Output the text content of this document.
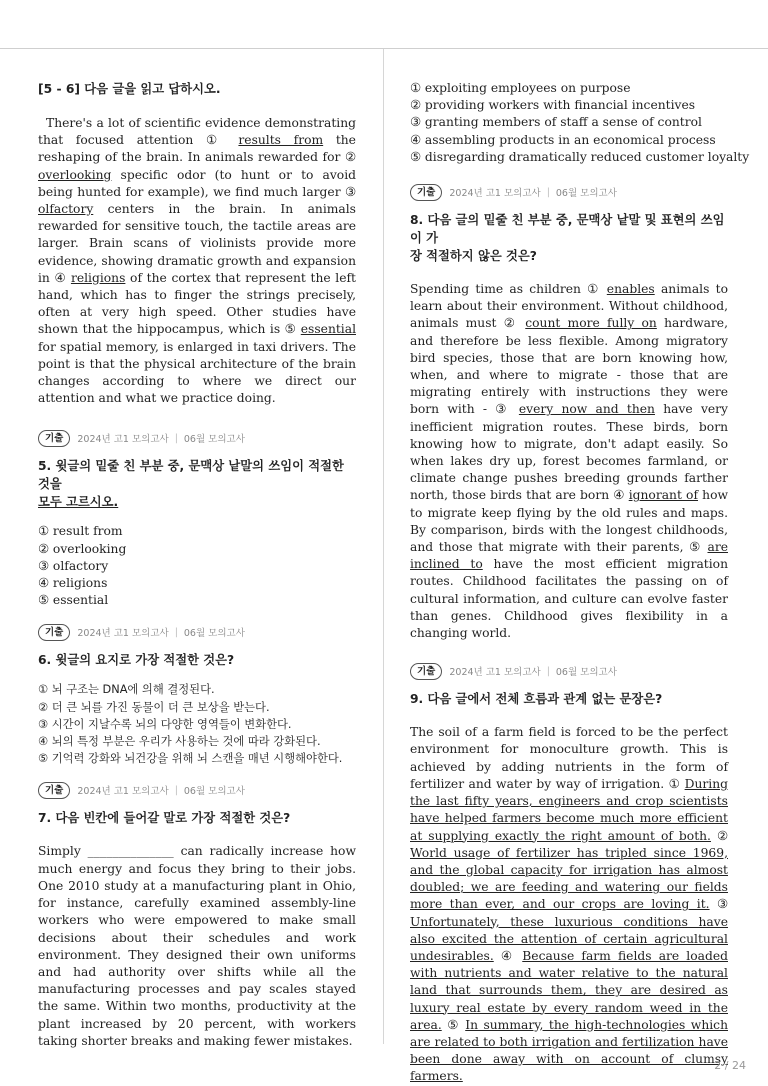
[5 - 6] 다음 글을 읽고 답하시오.
There's a lot of scientific evidence demonstrating that focused attention ① results from the reshaping of the brain. In animals rewarded for ② overlooking specific odor (to hunt or to avoid being hunted for example), we find much larger ③ olfactory centers in the brain. In animals rewarded for sensitive touch, the tactile areas are larger. Brain scans of violinists provide more evidence, showing dramatic growth and expansion in ④ religions of the cortex that represent the left hand, which has to finger the strings precisely, often at very high speed. Other studies have shown that the hippocampus, which is ⑤ essential for spatial memory, is enlarged in taxi drivers. The point is that the physical architecture of the brain changes according to where we direct our attention and what we practice doing.
기출	2024년 고1 모의고사 | 06월 모의고사
5. 윗글의 밑줄 친 부분 중, 문맥상 낱말의 쓰임이 적절한 것을
모두 고르시오.
① result from
② overlooking
③ olfactory
④ religions
⑤ essential
기출	2024년 고1 모의고사 | 06월 모의고사
6. 윗글의 요지로 가장 적절한 것은?
① 뇌 구조는 DNA에 의해 결정된다.
② 더 큰 뇌를 가진 동물이 더 큰 보상을 받는다.
③ 시간이 지날수록 뇌의 다양한 영역들이 변화한다.
④ 뇌의 특정 부분은 우리가 사용하는 것에 따라 강화된다.
⑤ 기억력 강화와 뇌건강을 위해 뇌 스캔을 매년 시행해야한다.
기출	2024년 고1 모의고사 | 06월 모의고사
7. 다음 빈칸에 들어갈 말로 가장 적절한 것은?
Simply ______________ can radically increase how much energy and focus they bring to their jobs. One 2010 study at a manufacturing plant in Ohio, for instance, carefully examined assembly-line workers who were empowered to make small decisions about their schedules and work environment. They designed their own uniforms and had authority over shifts while all the manufacturing processes and pay scales stayed the same. Within two months, productivity at the plant increased by 20 percent, with workers taking shorter breaks and making fewer mistakes.
① exploiting employees on purpose
② providing workers with financial incentives
③ granting members of staff a sense of control
④ assembling products in an economical process
⑤ disregarding dramatically reduced customer loyalty
기출	2024년 고1 모의고사 | 06월 모의고사
8. 다음 글의 밑줄 친 부분 중, 문맥상 낱말 및 표현의 쓰임이 가
장 적절하지 않은 것은?
Spending time as children ① enables animals to learn about their environment. Without childhood, animals must ② count more fully on hardware, and therefore be less flexible. Among migratory bird species, those that are born knowing how, when, and where to migrate - those that are migrating entirely with instructions they were born with - ③ every now and then have very inefficient migration routes. These birds, born knowing how to migrate, don't adapt easily. So when lakes dry up, forest becomes farmland, or climate change pushes breeding grounds farther north, those birds that are born ④ ignorant of how to migrate keep flying by the old rules and maps. By comparison, birds with the longest childhoods, and those that migrate with their parents, ⑤ are inclined to have the most efficient migration routes. Childhood facilitates the passing on of cultural information, and culture can evolve faster than genes. Childhood gives flexibility in a changing world.
기출	2024년 고1 모의고사 | 06월 모의고사
9. 다음 글에서 전체 흐름과 관계 없는 문장은?
The soil of a farm field is forced to be the perfect environment for monoculture growth. This is achieved by adding nutrients in the form of fertilizer and water by way of irrigation. ① During the last fifty years, engineers and crop scientists have helped farmers become much more efficient at supplying exactly the right amount of both. ② World usage of fertilizer has tripled since 1969, and the global capacity for irrigation has almost doubled; we are feeding and watering our fields more than ever, and our crops are loving it. ③ Unfortunately, these luxurious conditions have also excited the attention of certain agricultural undesirables. ④ Because farm fields are loaded with nutrients and water relative to the natural land that surrounds them, they are desired as luxury real estate by every random weed in the area. ⑤ In summary, the high-technologies which are related to both irrigation and fertilization have been done away with on account of clumsy farmers.
2 / 24
